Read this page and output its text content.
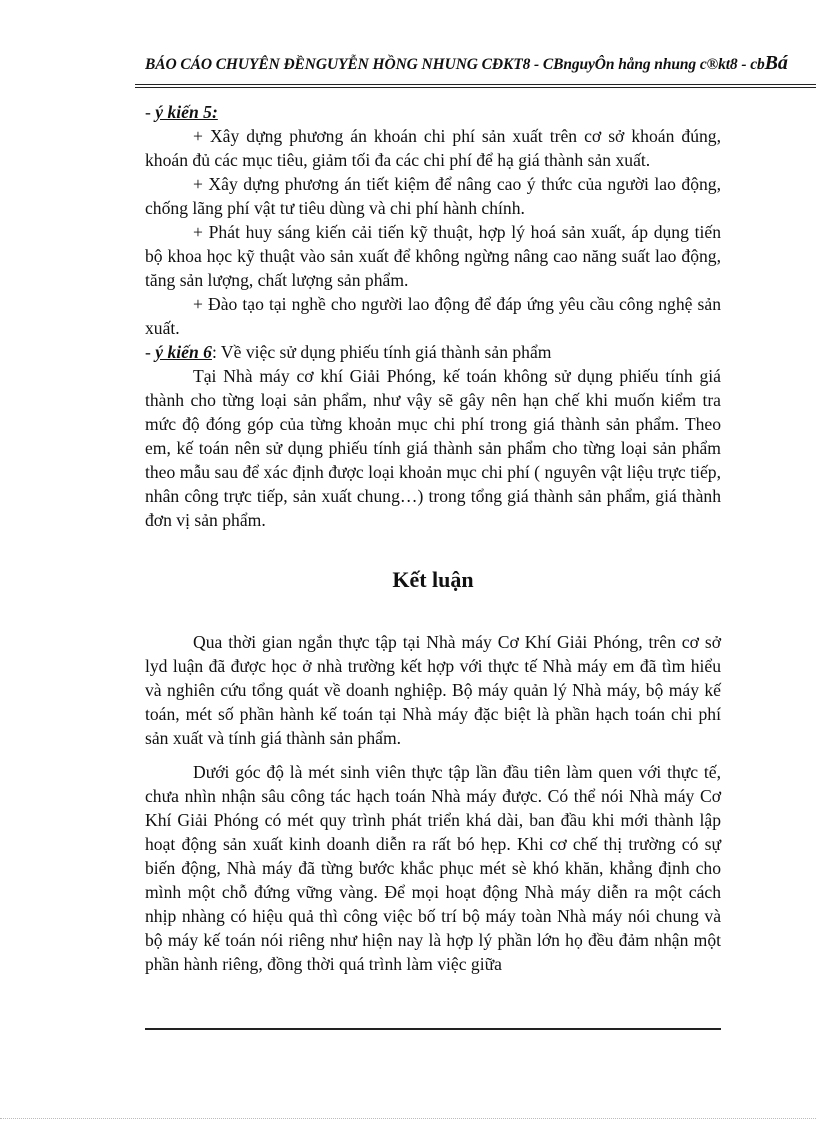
BÁO CÁO CHUYÊN ĐỀNGUYỄN HỒNG NHUNG CĐKT8 - CBnguyÔn hång nhung c®kt8 - cbBá

- ý kiến 5:

+ Xây dựng phương án khoán chi phí sản xuất trên cơ sở khoán đúng, khoán đủ các mục tiêu, giảm tối đa các chi phí để hạ giá thành sản xuất.

+ Xây dựng phương án tiết kiệm để nâng cao ý thức của người lao động, chống lãng phí vật tư tiêu dùng và chi phí hành chính.

+ Phát huy sáng kiến cải tiến kỹ thuật, hợp lý hoá sản xuất, áp dụng tiến bộ khoa học kỹ thuật vào sản xuất để không ngừng nâng cao năng suất lao động, tăng sản lượng, chất lượng sản phẩm.

+ Đào tạo tại nghề cho người lao động để đáp ứng yêu cầu công nghệ sản xuất.

- ý kiến 6: Về việc sử dụng phiếu tính giá thành sản phẩm

Tại Nhà máy cơ khí Giải Phóng, kế toán không sử dụng phiếu tính giá thành cho từng loại sản phẩm, như vậy sẽ gây nên hạn chế khi muốn kiểm tra mức độ đóng góp của từng khoản mục chi phí trong giá thành sản phẩm. Theo em, kế toán nên sử dụng phiếu tính giá thành sản phẩm cho từng loại sản phẩm theo mẫu sau để xác định được loại khoản mục chi phí ( nguyên vật liệu trực tiếp, nhân công trực tiếp, sản xuất chung…) trong tổng giá thành sản phẩm, giá thành đơn vị sản phẩm.

Kết luận

Qua thời gian ngắn thực tập tại Nhà máy Cơ Khí Giải Phóng, trên cơ sở lyd luận đã được học ở nhà trường kết hợp với thực tế Nhà máy em đã tìm hiểu và nghiên cứu tổng quát về doanh nghiệp. Bộ máy quản lý Nhà máy, bộ máy kế toán, mét số phần hành kế toán tại Nhà máy đặc biệt là phần hạch toán chi phí sản xuất và tính giá thành sản phẩm.

Dưới góc độ là mét sinh viên thực tập lần đầu tiên làm quen với thực tế, chưa nhìn nhận sâu công tác hạch toán Nhà máy được. Có thể nói Nhà máy Cơ Khí Giải Phóng có mét quy trình phát triển khá dài, ban đầu khi mới thành lập hoạt động sản xuất kinh doanh diễn ra rất bó hẹp. Khi cơ chế thị trường có sự biến động, Nhà máy đã từng bước khắc phục mét sè khó khăn, khẳng định cho mình một chỗ đứng vững vàng. Để mọi hoạt động Nhà máy diễn ra một cách nhịp nhàng có hiệu quả thì công việc bố trí bộ máy toàn Nhà máy nói chung và bộ máy kế toán nói riêng như hiện nay là hợp lý phần lớn họ đều đảm nhận một phần hành riêng, đồng thời quá trình làm việc giữa
